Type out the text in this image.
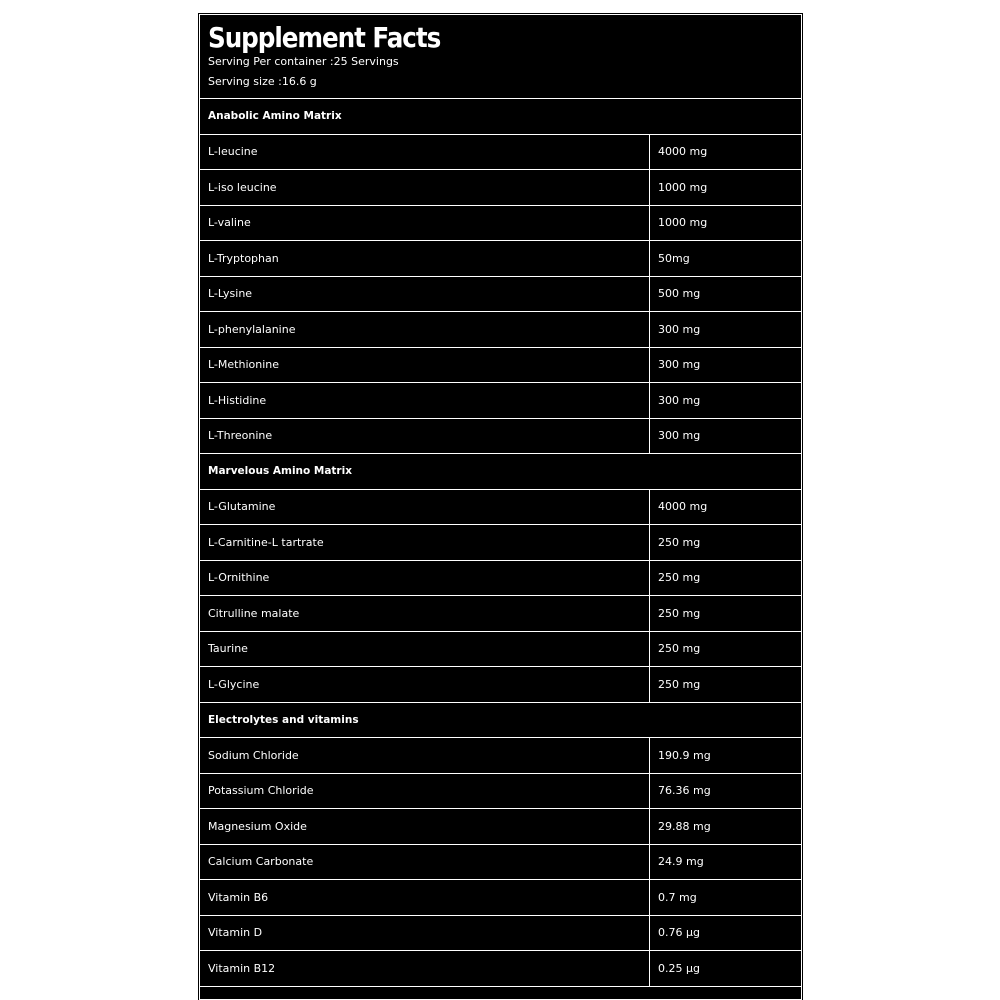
Supplement Facts
Serving Per container :25 Servings
Serving size :16.6 g
Anabolic Amino Matrix
L-leucine	4000 mg
L-iso leucine	1000 mg
L-valine	1000 mg
L-Tryptophan	50mg
L-Lysine	500 mg
L-phenylalanine	300 mg
L-Methionine	300 mg
L-Histidine	300 mg
L-Threonine	300 mg
Marvelous Amino Matrix
L-Glutamine	4000 mg
L-Carnitine-L tartrate	250 mg
L-Ornithine	250 mg
Citrulline malate	250 mg
Taurine	250 mg
L-Glycine	250 mg
Electrolytes and vitamins
Sodium Chloride	190.9 mg
Potassium Chloride	76.36 mg
Magnesium Oxide	29.88 mg
Calcium Carbonate	24.9 mg
Vitamin B6	0.7 mg
Vitamin D	0.76 µg
Vitamin B12	0.25 µg
